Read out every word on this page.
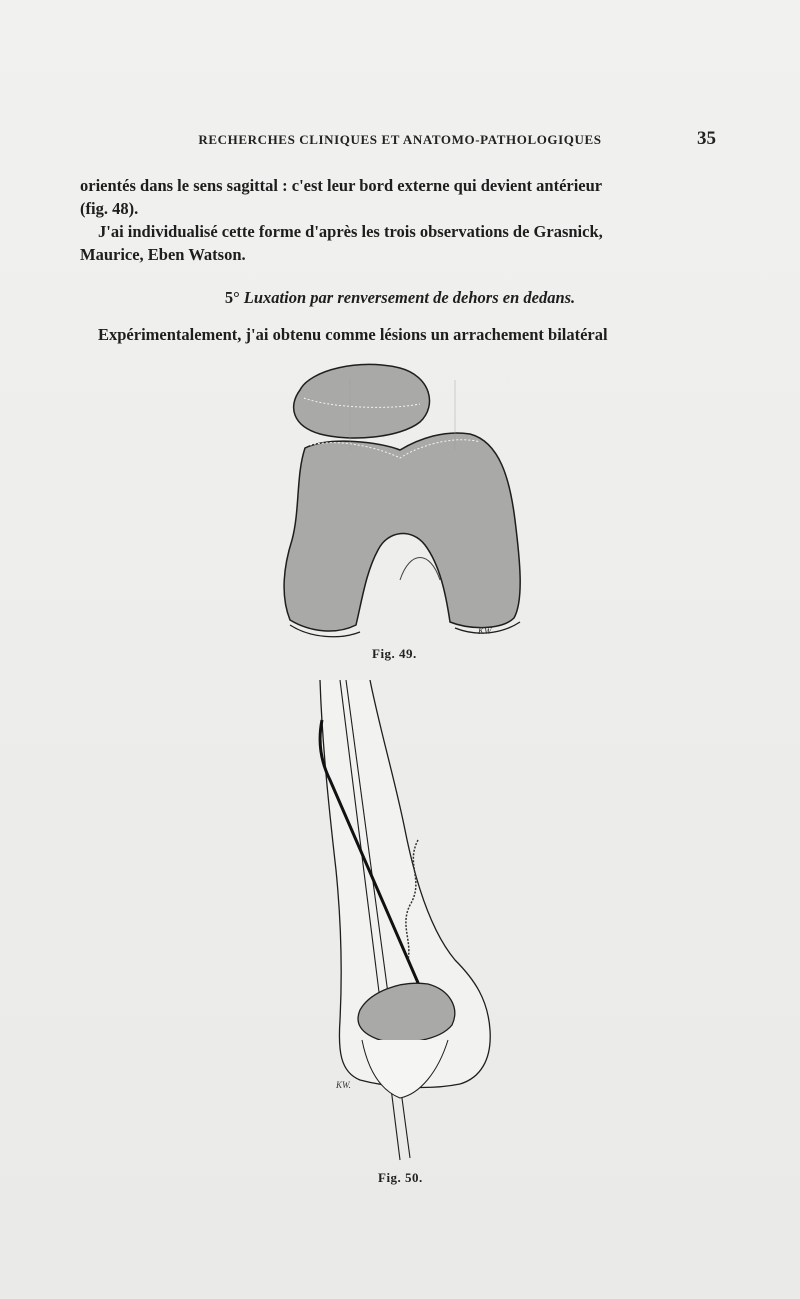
RECHERCHES CLINIQUES ET ANATOMO-PATHOLOGIQUES	35
orientés dans le sens sagittal : c'est leur bord externe qui devient antérieur
(fig. 48).
J'ai individualisé cette forme d'après les trois observations de Grasnick,
Maurice, Eben Watson.
5° Luxation par renversement de dehors en dedans.
Expérimentalement, j'ai obtenu comme lésions un arrachement bilatéral
KW
Fig. 49.
KW.
Fig. 50.
